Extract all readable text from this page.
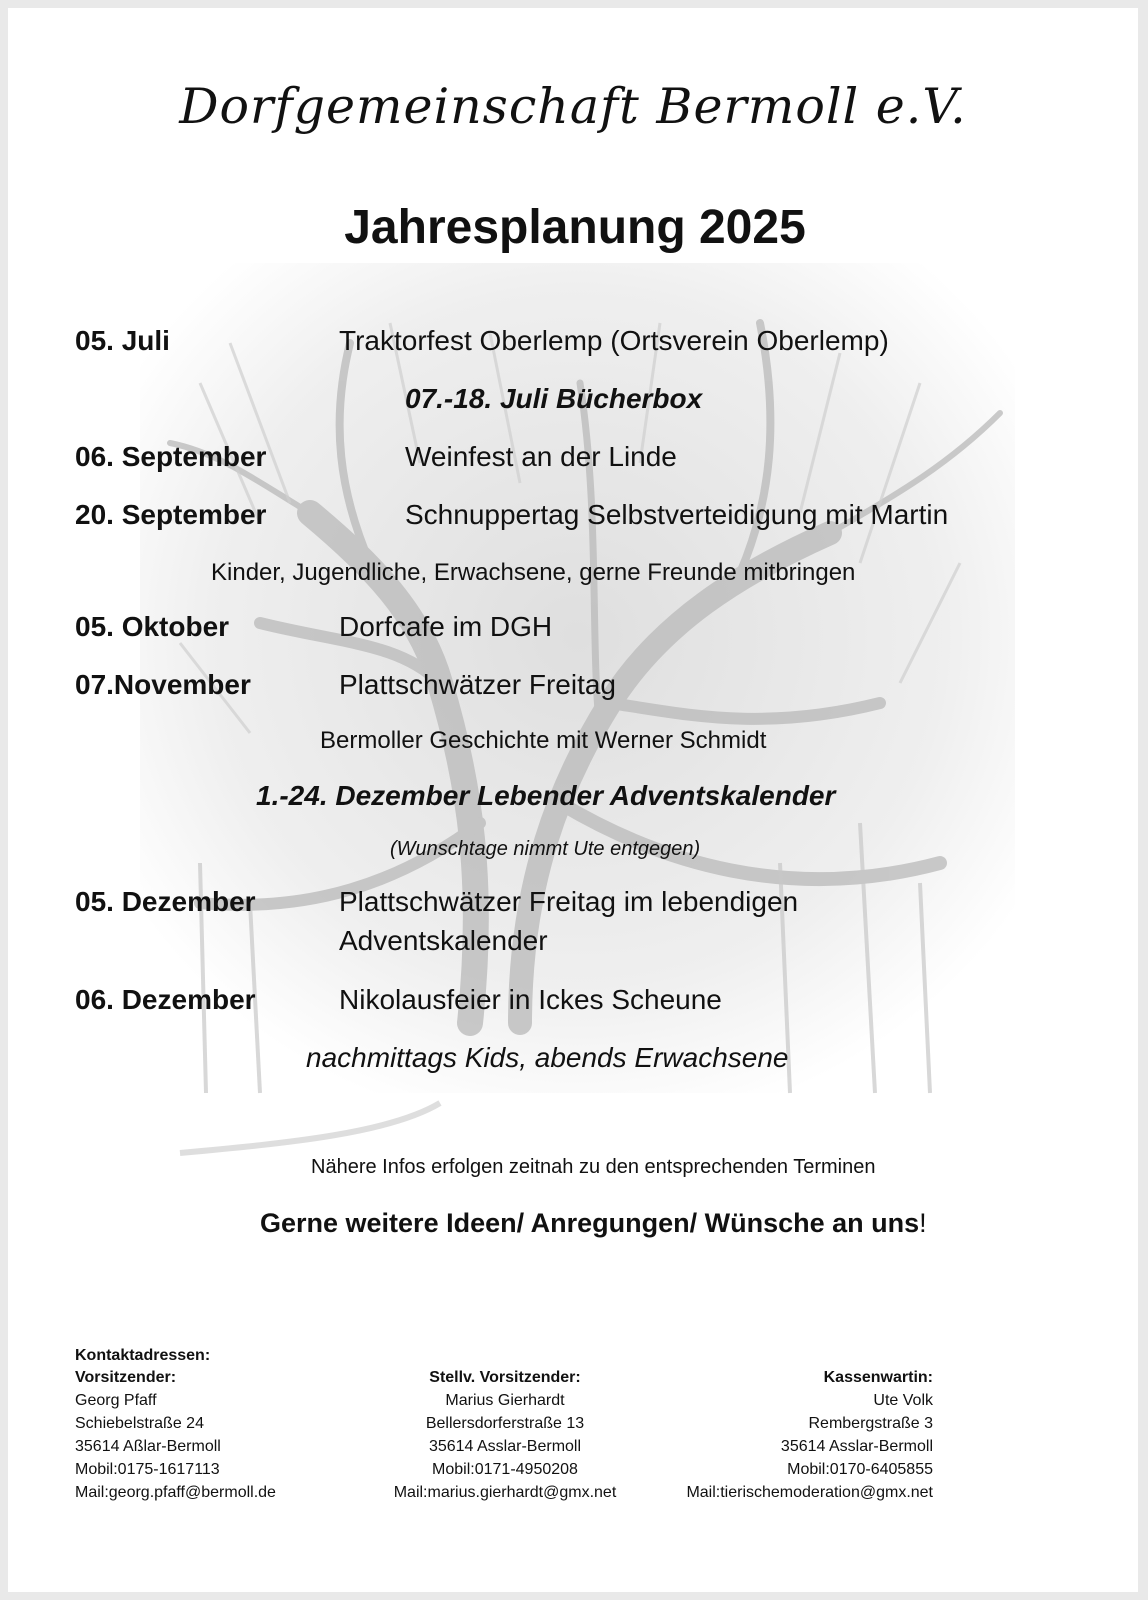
Dorfgemeinschaft Bermoll e.V.
Jahresplanung 2025
05. Juli	Traktorfest Oberlemp (Ortsverein Oberlemp)
07.-18. Juli Bücherbox
06. September	Weinfest an der Linde
20. September	Schnuppertag Selbstverteidigung mit Martin
Kinder, Jugendliche, Erwachsene, gerne Freunde mitbringen
05. Oktober	Dorfcafe im DGH
07.November	Plattschwätzer Freitag
Bermoller Geschichte mit Werner Schmidt
1.-24. Dezember Lebender Adventskalender
(Wunschtage nimmt Ute entgegen)
05. Dezember	Plattschwätzer Freitag im lebendigen
Adventskalender
06. Dezember	Nikolausfeier in Ickes Scheune
nachmittags Kids, abends Erwachsene
Nähere Infos erfolgen zeitnah zu den entsprechenden Terminen
Gerne weitere Ideen/ Anregungen/ Wünsche an uns!
Kontaktadressen:

Vorsitzender:

Georg Pfaff

Schiebelstraße 24

35614 Aßlar-Bermoll

Mobil:0175-1617113

Mail:georg.pfaff@bermoll.de

Stellv. Vorsitzender:

Marius Gierhardt

Bellersdorferstraße 13

35614 Asslar-Bermoll

Mobil:0171-4950208

Mail:marius.gierhardt@gmx.net

Kassenwartin:

Ute Volk

Rembergstraße 3

35614 Asslar-Bermoll

Mobil:0170-6405855

Mail:tierischemoderation@gmx.net
